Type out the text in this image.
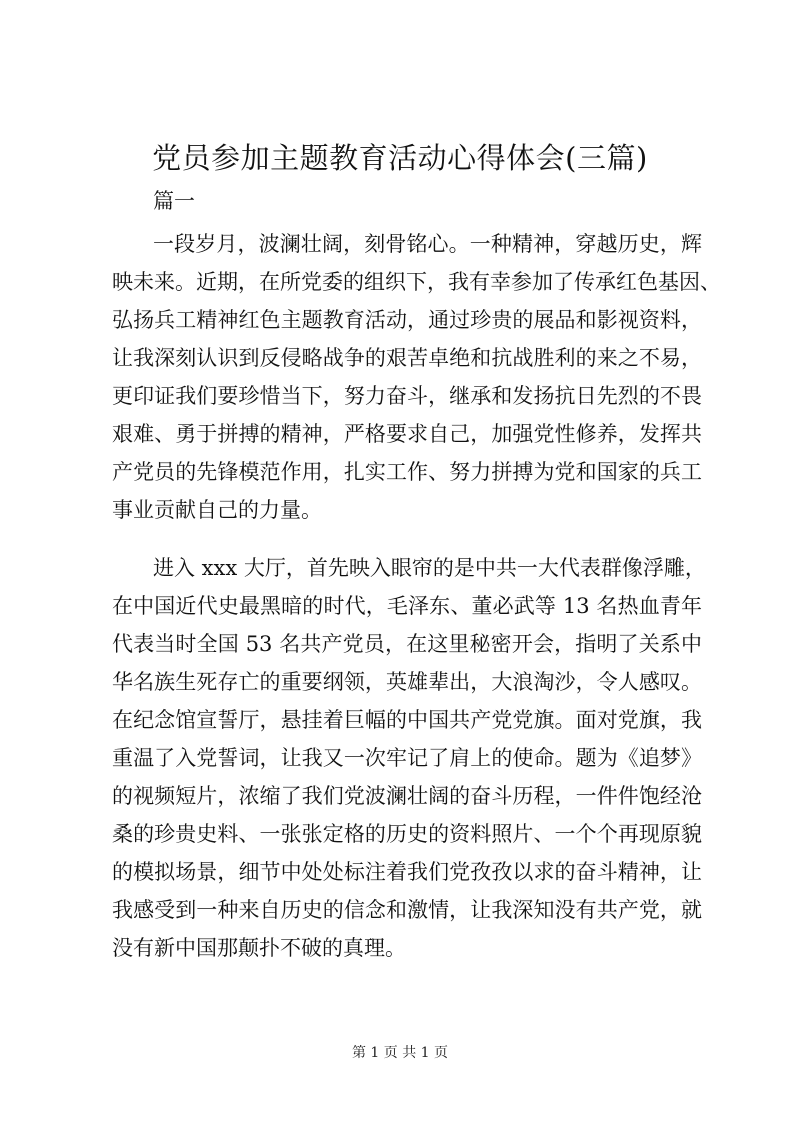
党员参加主题教育活动心得体会(三篇)
篇一
一段岁月，波澜壮阔，刻骨铭心。一种精神，穿越历史，辉
映未来。近期，在所党委的组织下，我有幸参加了传承红色基因、
弘扬兵工精神红色主题教育活动，通过珍贵的展品和影视资料，
让我深刻认识到反侵略战争的艰苦卓绝和抗战胜利的来之不易，
更印证我们要珍惜当下，努力奋斗，继承和发扬抗日先烈的不畏
艰难、勇于拼搏的精神，严格要求自己，加强党性修养，发挥共
产党员的先锋模范作用，扎实工作、努力拼搏为党和国家的兵工
事业贡献自己的力量。
进入 xxx 大厅，首先映入眼帘的是中共一大代表群像浮雕，
在中国近代史最黑暗的时代，毛泽东、董必武等 13 名热血青年
代表当时全国 53 名共产党员，在这里秘密开会，指明了关系中
华名族生死存亡的重要纲领，英雄辈出，大浪淘沙，令人感叹。
在纪念馆宣誓厅，悬挂着巨幅的中国共产党党旗。面对党旗，我
重温了入党誓词，让我又一次牢记了肩上的使命。题为《追梦》
的视频短片，浓缩了我们党波澜壮阔的奋斗历程，一件件饱经沧
桑的珍贵史料、一张张定格的历史的资料照片、一个个再现原貌
的模拟场景，细节中处处标注着我们党孜孜以求的奋斗精神，让
我感受到一种来自历史的信念和激情，让我深知没有共产党，就
没有新中国那颠扑不破的真理。
第 1 页 共 1 页
